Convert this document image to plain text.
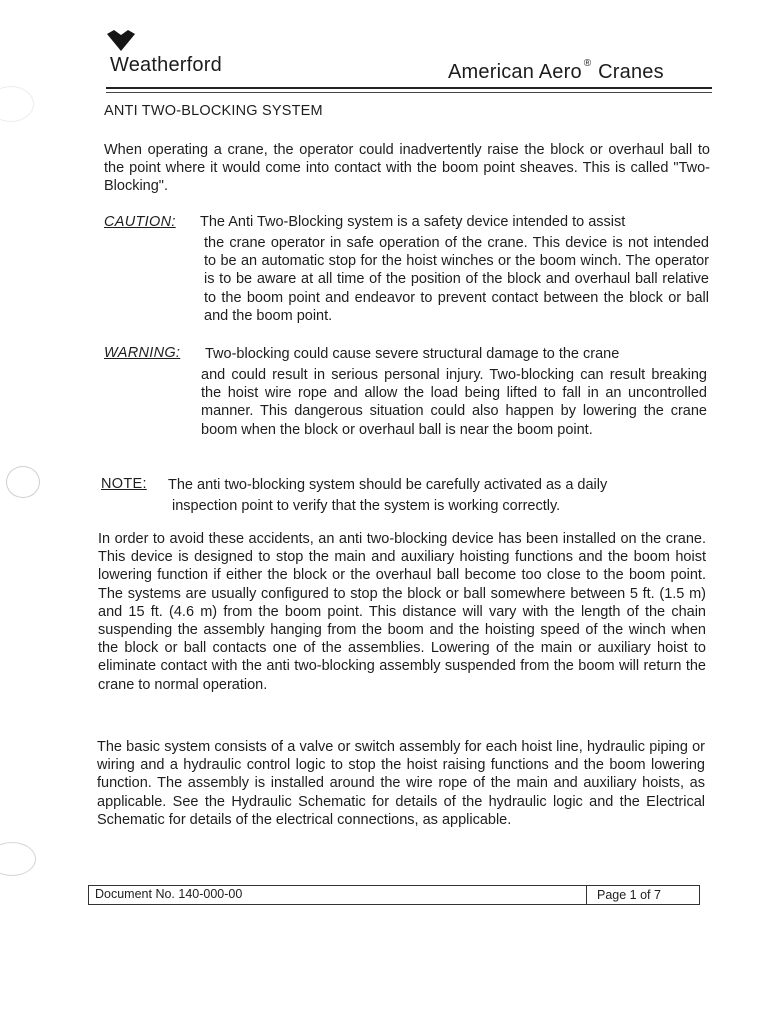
Weatherford	American Aero ® Cranes
ANTI TWO-BLOCKING SYSTEM

When operating a crane, the operator could inadvertently raise the block or overhaul ball to the point where it would come into contact with the boom point sheaves. This is called "Two-Blocking".

CAUTION: The Anti Two-Blocking system is a safety device intended to assist

the crane operator in safe operation of the crane. This device is not intended to be an automatic stop for the hoist winches or the boom winch. The operator is to be aware at all time of the position of the block and overhaul ball relative to the boom point and endeavor to prevent contact between the block or ball and the boom point.

WARNING: Two-blocking could cause severe structural damage to the crane

and could result in serious personal injury. Two-blocking can result breaking the hoist wire rope and allow the load being lifted to fall in an uncontrolled manner. This dangerous situation could also happen by lowering the crane boom when the block or overhaul ball is near the boom point.

NOTE: The anti two-blocking system should be carefully activated as a daily

inspection point to verify that the system is working correctly.

In order to avoid these accidents, an anti two-blocking device has been installed on the crane. This device is designed to stop the main and auxiliary hoisting functions and the boom hoist lowering function if either the block or the overhaul ball become too close to the boom point. The systems are usually configured to stop the block or ball somewhere between 5 ft. (1.5 m) and 15 ft. (4.6 m) from the boom point. This distance will vary with the length of the chain suspending the assembly hanging from the boom and the hoisting speed of the winch when the block or ball contacts one of the assemblies. Lowering of the main or auxiliary hoist to eliminate contact with the anti two-blocking assembly suspended from the boom will return the crane to normal operation.

The basic system consists of a valve or switch assembly for each hoist line, hydraulic piping or wiring and a hydraulic control logic to stop the hoist raising functions and the boom lowering function. The assembly is installed around the wire rope of the main and auxiliary hoists, as applicable. See the Hydraulic Schematic for details of the hydraulic logic and the Electrical Schematic for details of the electrical connections, as applicable.

Document No. 140-000-00	Page 1 of 7
